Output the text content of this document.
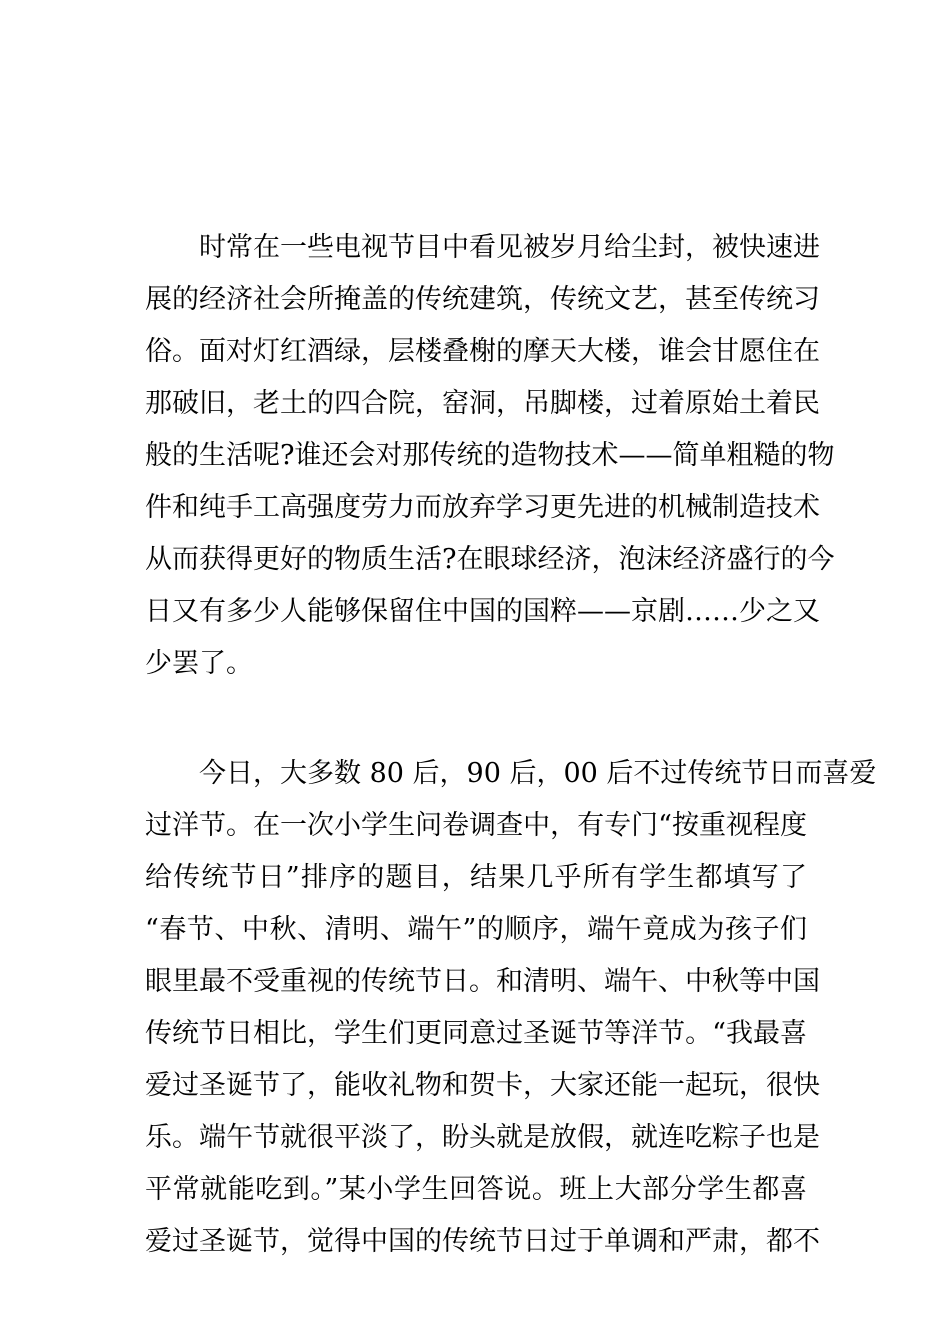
时常在一些电视节目中看见被岁月给尘封，被快速进
展的经济社会所掩盖的传统建筑，传统文艺，甚至传统习
俗。面对灯红酒绿，层楼叠榭的摩天大楼，谁会甘愿住在
那破旧，老土的四合院，窑洞，吊脚楼，过着原始土着民
般的生活呢?谁还会对那传统的造物技术——简单粗糙的物
件和纯手工高强度劳力而放弃学习更先进的机械制造技术
从而获得更好的物质生活?在眼球经济，泡沫经济盛行的今
日又有多少人能够保留住中国的国粹——京剧……少之又
少罢了。
今日，大多数 80 后，90 后，00 后不过传统节日而喜爱
过洋节。在一次小学生问卷调查中，有专门“按重视程度
给传统节日”排序的题目，结果几乎所有学生都填写了
“春节、中秋、清明、端午”的顺序，端午竟成为孩子们
眼里最不受重视的传统节日。和清明、端午、中秋等中国
传统节日相比，学生们更同意过圣诞节等洋节。“我最喜
爱过圣诞节了，能收礼物和贺卡，大家还能一起玩，很快
乐。端午节就很平淡了，盼头就是放假，就连吃粽子也是
平常就能吃到。”某小学生回答说。班上大部分学生都喜
爱过圣诞节，觉得中国的传统节日过于单调和严肃，都不
